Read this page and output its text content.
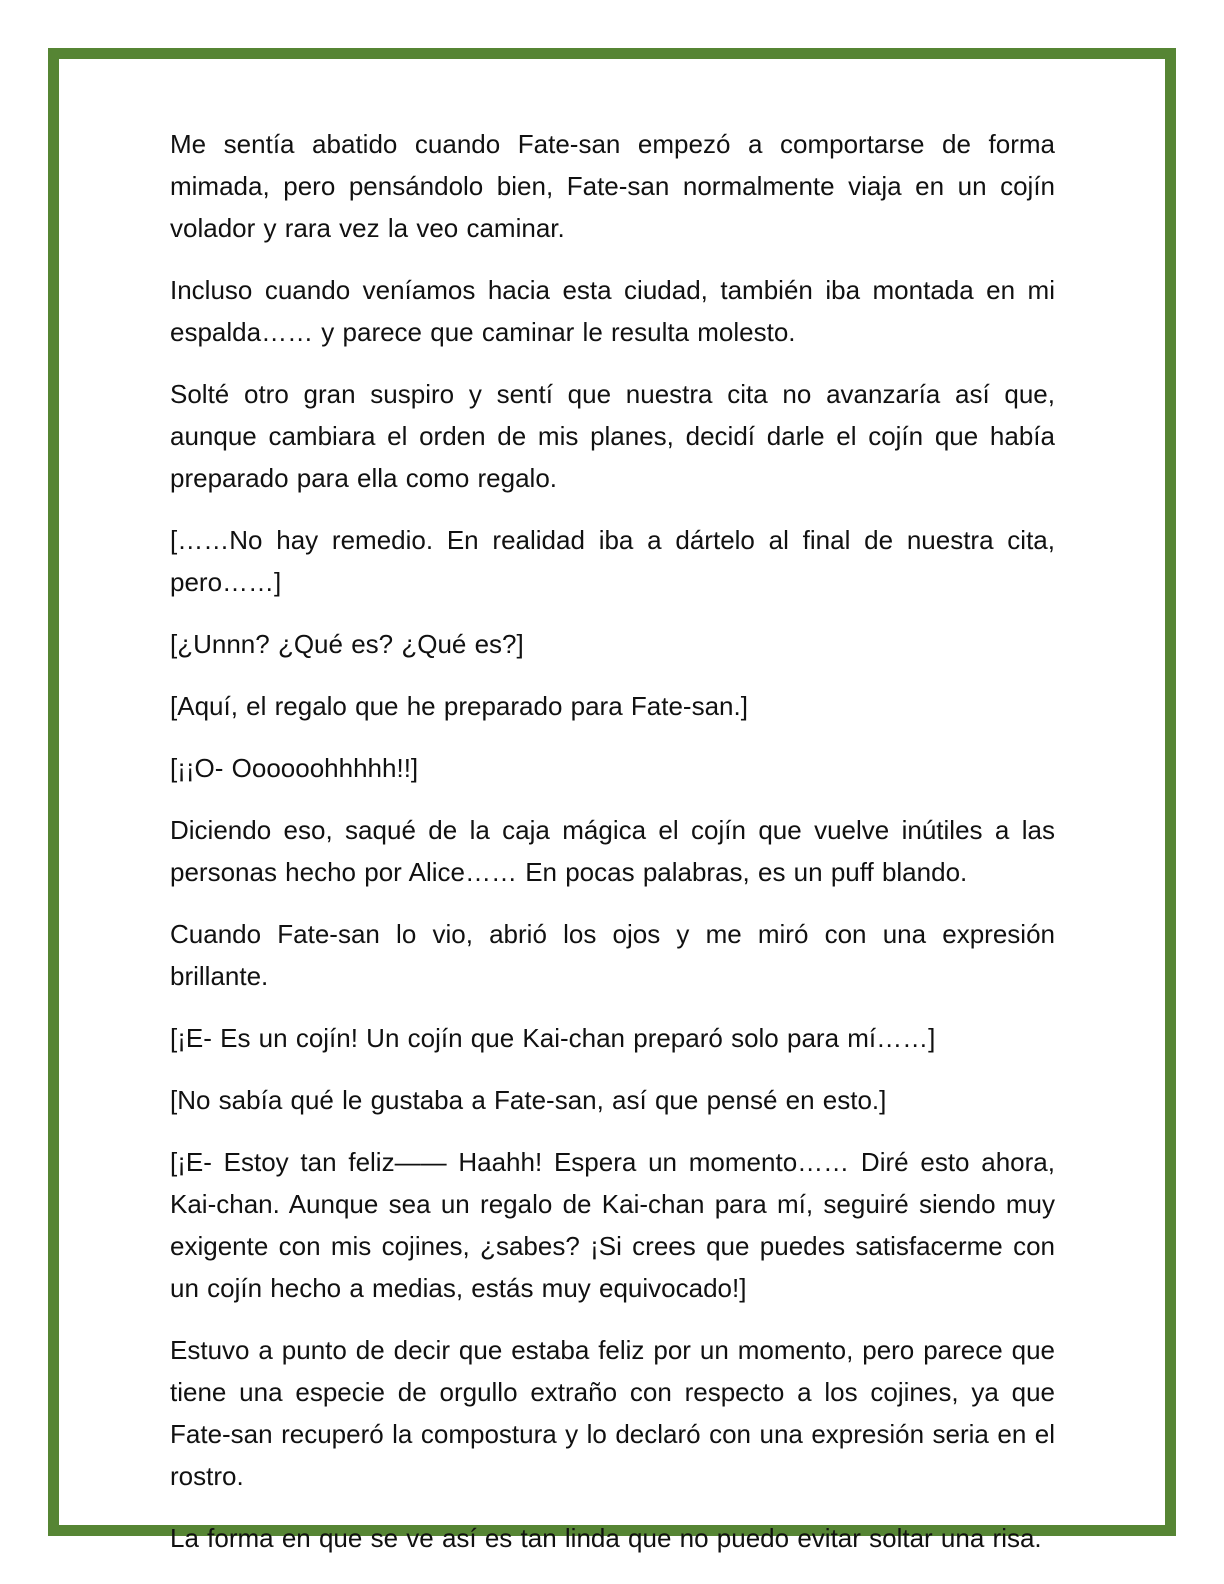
Me sentía abatido cuando Fate-san empezó a comportarse de forma mimada, pero pensándolo bien, Fate-san normalmente viaja en un cojín volador y rara vez la veo caminar.

Incluso cuando veníamos hacia esta ciudad, también iba montada en mi espalda…… y parece que caminar le resulta molesto.

Solté otro gran suspiro y sentí que nuestra cita no avanzaría así que, aunque cambiara el orden de mis planes, decidí darle el cojín que había preparado para ella como regalo.

[……No hay remedio. En realidad iba a dártelo al final de nuestra cita, pero……]

[¿Unnn? ¿Qué es? ¿Qué es?]

[Aquí, el regalo que he preparado para Fate-san.]

[¡¡O- Oooooohhhhh!!]

Diciendo eso, saqué de la caja mágica el cojín que vuelve inútiles a las personas hecho por Alice…… En pocas palabras, es un puff blando.

Cuando Fate-san lo vio, abrió los ojos y me miró con una expresión brillante.

[¡E- Es un cojín! Un cojín que Kai-chan preparó solo para mí……]

[No sabía qué le gustaba a Fate-san, así que pensé en esto.]

[¡E- Estoy tan feliz—— Haahh! Espera un momento…… Diré esto ahora, Kai-chan. Aunque sea un regalo de Kai-chan para mí, seguiré siendo muy exigente con mis cojines, ¿sabes? ¡Si crees que puedes satisfacerme con un cojín hecho a medias, estás muy equivocado!]

Estuvo a punto de decir que estaba feliz por un momento, pero parece que tiene una especie de orgullo extraño con respecto a los cojines, ya que Fate-san recuperó la compostura y lo declaró con una expresión seria en el rostro.

La forma en que se ve así es tan linda que no puedo evitar soltar una risa.
